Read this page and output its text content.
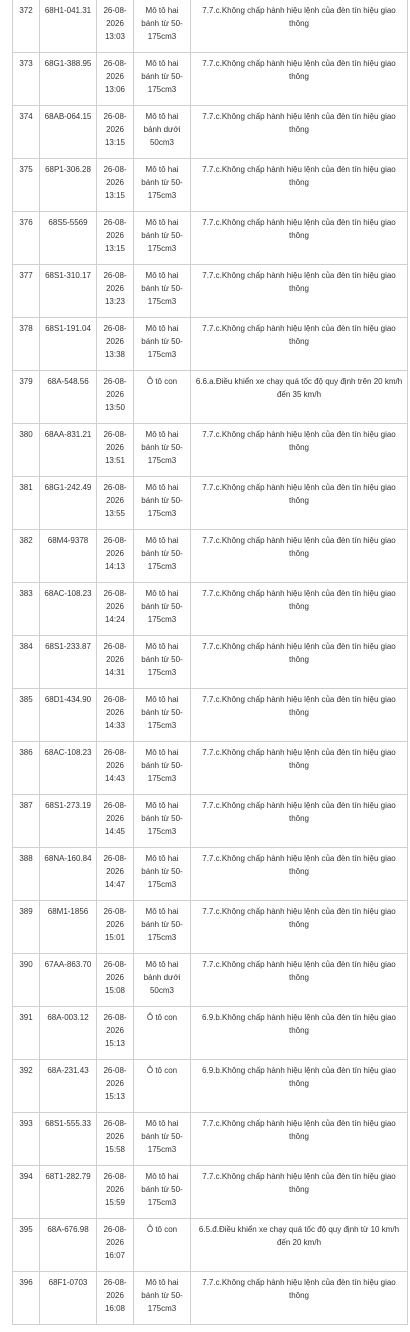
372	68H1-041.31	26-08-2026 13:03	Mô tô hai bánh từ 50-175cm3	7.7.c.Không chấp hành hiệu lệnh của đèn tín hiệu giao thông
373	68G1-388.95	26-08-2026 13:06	Mô tô hai bánh từ 50-175cm3	7.7.c.Không chấp hành hiệu lệnh của đèn tín hiệu giao thông
374	68AB-064.15	26-08-2026 13:15	Mô tô hai bánh dưới 50cm3	7.7.c.Không chấp hành hiệu lệnh của đèn tín hiệu giao thông
375	68P1-306.28	26-08-2026 13:15	Mô tô hai bánh từ 50-175cm3	7.7.c.Không chấp hành hiệu lệnh của đèn tín hiệu giao thông
376	68S5-5569	26-08-2026 13:15	Mô tô hai bánh từ 50-175cm3	7.7.c.Không chấp hành hiệu lệnh của đèn tín hiệu giao thông
377	68S1-310.17	26-08-2026 13:23	Mô tô hai bánh từ 50-175cm3	7.7.c.Không chấp hành hiệu lệnh của đèn tín hiệu giao thông
378	68S1-191.04	26-08-2026 13:38	Mô tô hai bánh từ 50-175cm3	7.7.c.Không chấp hành hiệu lệnh của đèn tín hiệu giao thông
379	68A-548.56	26-08-2026 13:50	Ô tô con	6.6.a.Điều khiển xe chạy quá tốc độ quy định trên 20 km/h đến 35 km/h
380	68AA-831.21	26-08-2026 13:51	Mô tô hai bánh từ 50-175cm3	7.7.c.Không chấp hành hiệu lệnh của đèn tín hiệu giao thông
381	68G1-242.49	26-08-2026 13:55	Mô tô hai bánh từ 50-175cm3	7.7.c.Không chấp hành hiệu lệnh của đèn tín hiệu giao thông
382	68M4-9378	26-08-2026 14:13	Mô tô hai bánh từ 50-175cm3	7.7.c.Không chấp hành hiệu lệnh của đèn tín hiệu giao thông
383	68AC-108.23	26-08-2026 14:24	Mô tô hai bánh từ 50-175cm3	7.7.c.Không chấp hành hiệu lệnh của đèn tín hiệu giao thông
384	68S1-233.87	26-08-2026 14:31	Mô tô hai bánh từ 50-175cm3	7.7.c.Không chấp hành hiệu lệnh của đèn tín hiệu giao thông
385	68D1-434.90	26-08-2026 14:33	Mô tô hai bánh từ 50-175cm3	7.7.c.Không chấp hành hiệu lệnh của đèn tín hiệu giao thông
386	68AC-108.23	26-08-2026 14:43	Mô tô hai bánh từ 50-175cm3	7.7.c.Không chấp hành hiệu lệnh của đèn tín hiệu giao thông
387	68S1-273.19	26-08-2026 14:45	Mô tô hai bánh từ 50-175cm3	7.7.c.Không chấp hành hiệu lệnh của đèn tín hiệu giao thông
388	68NA-160.84	26-08-2026 14:47	Mô tô hai bánh từ 50-175cm3	7.7.c.Không chấp hành hiệu lệnh của đèn tín hiệu giao thông
389	68M1-1856	26-08-2026 15:01	Mô tô hai bánh từ 50-175cm3	7.7.c.Không chấp hành hiệu lệnh của đèn tín hiệu giao thông
390	67AA-863.70	26-08-2026 15:08	Mô tô hai bánh dưới 50cm3	7.7.c.Không chấp hành hiệu lệnh của đèn tín hiệu giao thông
391	68A-003.12	26-08-2026 15:13	Ô tô con	6.9.b.Không chấp hành hiệu lệnh của đèn tín hiệu giao thông
392	68A-231.43	26-08-2026 15:13	Ô tô con	6.9.b.Không chấp hành hiệu lệnh của đèn tín hiệu giao thông
393	68S1-555.33	26-08-2026 15:58	Mô tô hai bánh từ 50-175cm3	7.7.c.Không chấp hành hiệu lệnh của đèn tín hiệu giao thông
394	68T1-282.79	26-08-2026 15:59	Mô tô hai bánh từ 50-175cm3	7.7.c.Không chấp hành hiệu lệnh của đèn tín hiệu giao thông
395	68A-676.98	26-08-2026 16:07	Ô tô con	6.5.đ.Điều khiển xe chạy quá tốc độ quy định từ 10 km/h đến 20 km/h
396	68F1-0703	26-08-2026 16:08	Mô tô hai bánh từ 50-175cm3	7.7.c.Không chấp hành hiệu lệnh của đèn tín hiệu giao thông
